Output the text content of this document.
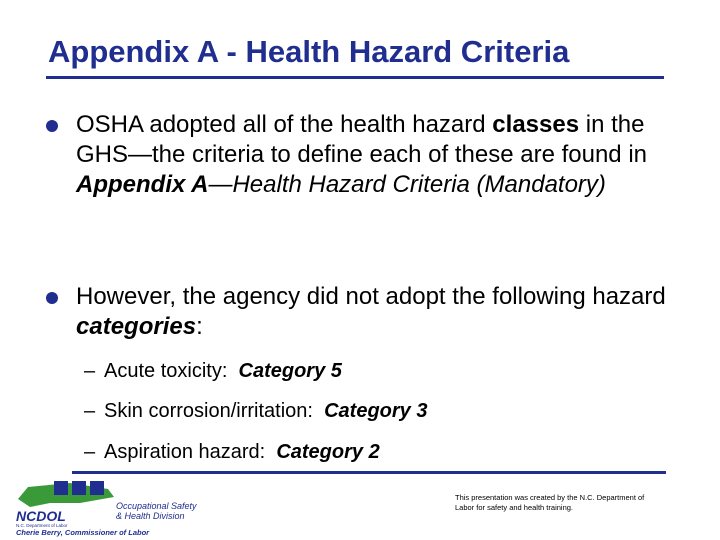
Appendix A - Health Hazard Criteria
OSHA adopted all of the health hazard classes in the GHS—the criteria to define each of these are found in Appendix A—Health Hazard Criteria (Mandatory)
However, the agency did not adopt the following hazard categories:
– Acute toxicity: Category 5
– Skin corrosion/irritation: Category 3
– Aspiration hazard: Category 2
NCDOL
N.C. Department of Labor
Occupational Safety
& Health Division
Cherie Berry, Commissioner of Labor
This presentation was created by the N.C. Department of Labor for safety and health training.
